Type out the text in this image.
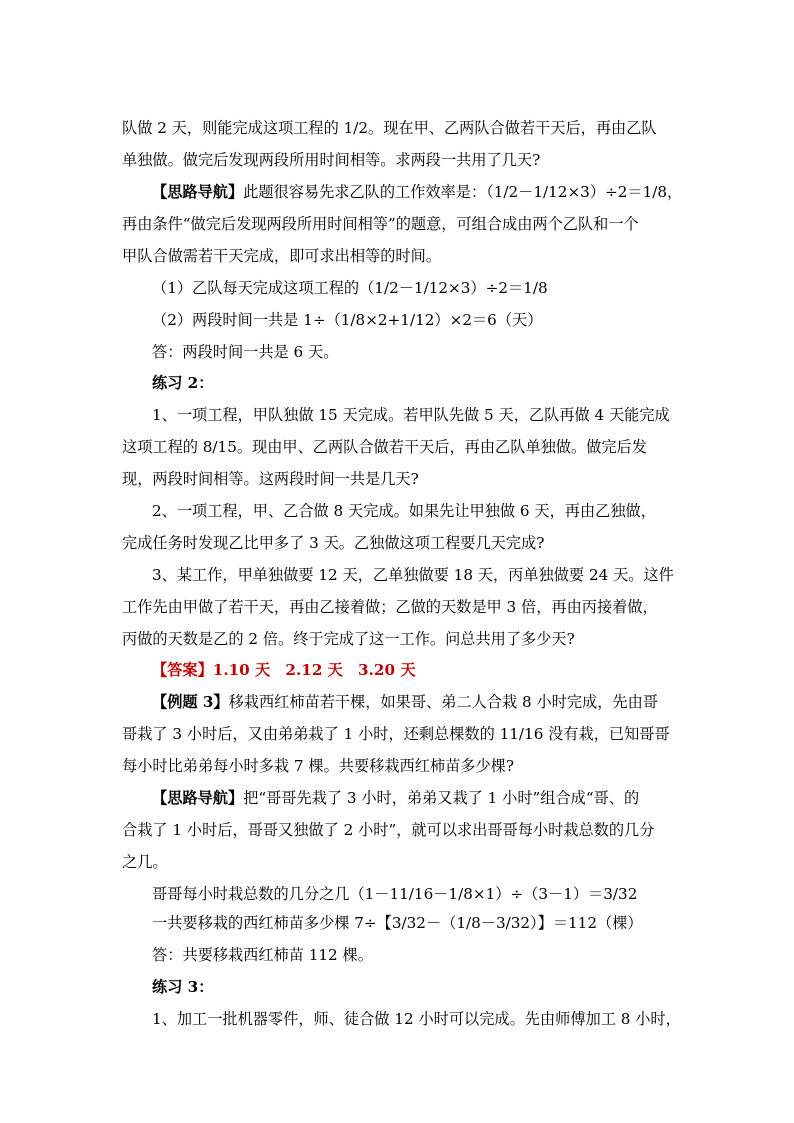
队做 2 天，则能完成这项工程的 1/2。现在甲、乙两队合做若干天后，再由乙队

单独做。做完后发现两段所用时间相等。求两段一共用了几天?

【思路导航】此题很容易先求乙队的工作效率是：（1/2－1/12×3）÷2＝1/8，

再由条件“做完后发现两段所用时间相等”的题意，可组合成由两个乙队和一个

甲队合做需若干天完成，即可求出相等的时间。

（1）乙队每天完成这项工程的（1/2－1/12×3）÷2＝1/8

（2）两段时间一共是 1÷（1/8×2+1/12）×2＝6（天）

答：两段时间一共是 6 天。

练习 2：

1、一项工程，甲队独做 15 天完成。若甲队先做 5 天，乙队再做 4 天能完成

这项工程的 8/15。现由甲、乙两队合做若干天后，再由乙队单独做。做完后发

现，两段时间相等。这两段时间一共是几天?

2、一项工程，甲、乙合做 8 天完成。如果先让甲独做 6 天，再由乙独做，

完成任务时发现乙比甲多了 3 天。乙独做这项工程要几天完成?

3、某工作，甲单独做要 12 天，乙单独做要 18 天，丙单独做要 24 天。这件

工作先由甲做了若干天，再由乙接着做；乙做的天数是甲 3 倍，再由丙接着做，

丙做的天数是乙的 2 倍。终于完成了这一工作。问总共用了多少天?

【答案】1.10 天　2.12 天　3.20 天

【例题 3】移栽西红柿苗若干棵，如果哥、弟二人合栽 8 小时完成，先由哥

哥栽了 3 小时后，又由弟弟栽了 1 小时，还剩总棵数的 11/16 没有栽，已知哥哥

每小时比弟弟每小时多栽 7 棵。共要移栽西红柿苗多少棵?

【思路导航】把“哥哥先栽了 3 小时，弟弟又栽了 1 小时”组合成“哥、的

合栽了 1 小时后，哥哥又独做了 2 小时”，就可以求出哥哥每小时栽总数的几分

之几。

哥哥每小时栽总数的几分之几（1－11/16－1/8×1）÷（3－1）＝3/32

一共要移栽的西红柿苗多少棵 7÷【3/32－（1/8－3/32）】＝112（棵）

答：共要移栽西红柿苗 112 棵。

练习 3：

1、加工一批机器零件，师、徒合做 12 小时可以完成。先由师傅加工 8 小时，
